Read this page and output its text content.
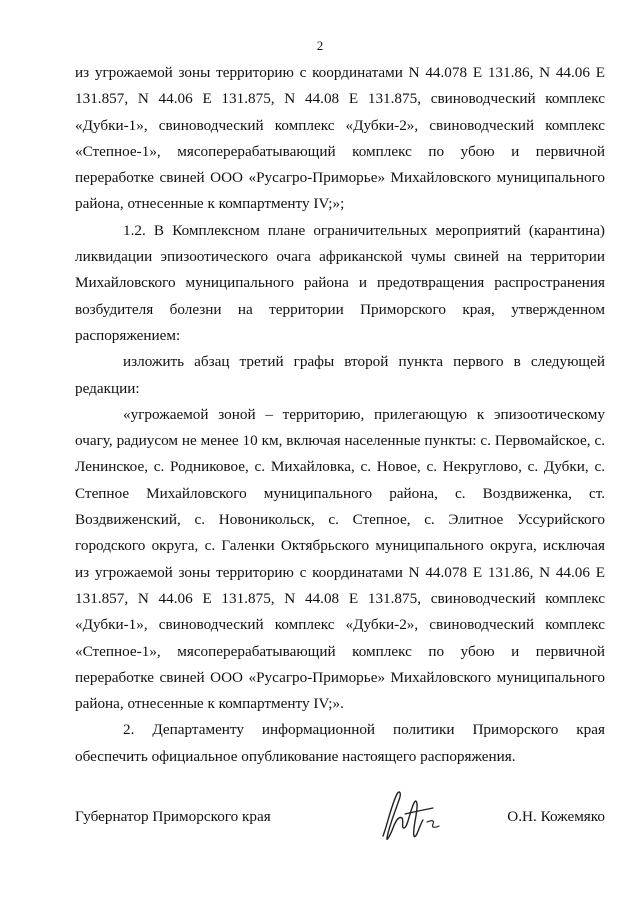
2

из угрожаемой зоны территорию с координатами N 44.078 E 131.86, N 44.06 E 131.857, N 44.06 E 131.875, N 44.08 E 131.875, свиноводческий комплекс «Дубки-1», свиноводческий комплекс «Дубки-2», свиноводческий комплекс «Степное-1», мясоперерабатывающий комплекс по убою и первичной переработке свиней ООО «Русагро-Приморье» Михайловского муниципального района, отнесенные к компартменту IV;»;

1.2. В Комплексном плане ограничительных мероприятий (карантина) ликвидации эпизоотического очага африканской чумы свиней на территории Михайловского муниципального района и предотвращения распространения возбудителя болезни на территории Приморского края, утвержденном распоряжением:

изложить абзац третий графы второй пункта первого в следующей редакции:

«угрожаемой зоной – территорию, прилегающую к эпизоотическому очагу, радиусом не менее 10 км, включая населенные пункты: с. Первомайское, с. Ленинское, с. Родниковое, с. Михайловка, с. Новое, с. Некруглово, с. Дубки, с. Степное Михайловского муниципального района, с. Воздвиженка, ст. Воздвиженский, с. Новоникольск, с. Степное, с. Элитное Уссурийского городского округа, с. Галенки Октябрьского муниципального округа, исключая из угрожаемой зоны территорию с координатами N 44.078 E 131.86, N 44.06 E 131.857, N 44.06 E 131.875, N 44.08 E 131.875, свиноводческий комплекс «Дубки-1», свиноводческий комплекс «Дубки-2», свиноводческий комплекс «Степное-1», мясоперерабатывающий комплекс по убою и первичной переработке свиней ООО «Русагро-Приморье» Михайловского муниципального района, отнесенные к компартменту IV;».

2. Департаменту информационной политики Приморского края обеспечить официальное опубликование настоящего распоряжения.

Губернатор Приморского края	О.Н. Кожемяко
